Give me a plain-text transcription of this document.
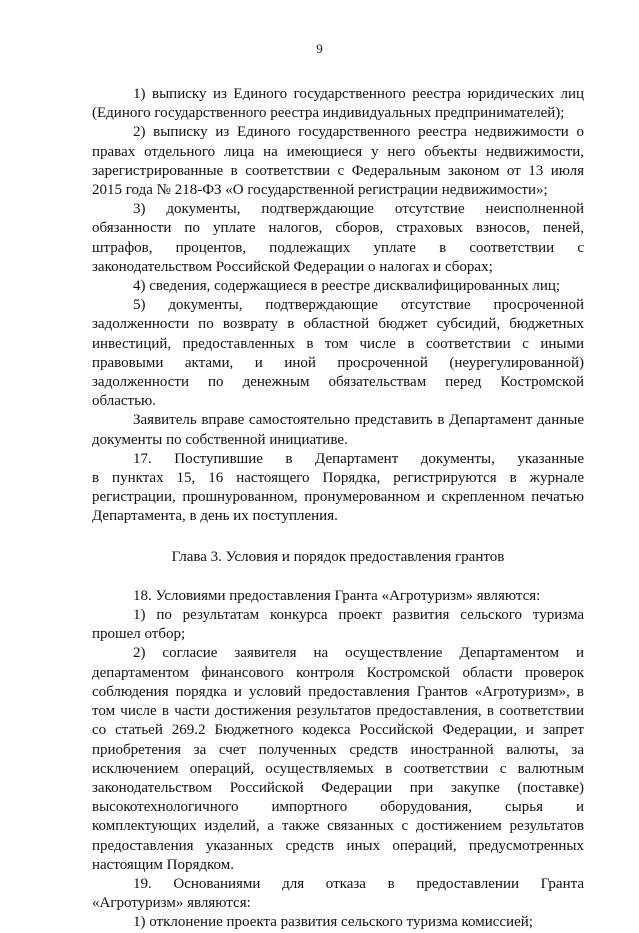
9
1) выписку из Единого государственного реестра юридических лиц
(Единого государственного реестра индивидуальных предпринимателей);
2) выписку из Единого государственного реестра недвижимости о
правах отдельного лица на имеющиеся у него объекты недвижимости,
зарегистрированные в соответствии с Федеральным законом от 13 июля
2015 года № 218-ФЗ «О государственной регистрации недвижимости»;
3) документы, подтверждающие отсутствие неисполненной
обязанности по уплате налогов, сборов, страховых взносов, пеней,
штрафов, процентов, подлежащих уплате в соответствии с
законодательством Российской Федерации о налогах и сборах;
4) сведения, содержащиеся в реестре дисквалифицированных лиц;
5) документы, подтверждающие отсутствие просроченной
задолженности по возврату в областной бюджет субсидий, бюджетных
инвестиций, предоставленных в том числе в соответствии с иными
правовыми актами, и иной просроченной (неурегулированной)
задолженности по денежным обязательствам перед Костромской
областью.
Заявитель вправе самостоятельно представить в Департамент данные
документы по собственной инициативе.
17. Поступившие в Департамент документы, указанные
в пунктах 15, 16 настоящего Порядка, регистрируются в журнале
регистрации, прошнурованном, пронумерованном и скрепленном печатью
Департамента, в день их поступления.
Глава 3. Условия и порядок предоставления грантов
18. Условиями предоставления Гранта «Агротуризм» являются:
1) по результатам конкурса проект развития сельского туризма
прошел отбор;
2) согласие заявителя на осуществление Департаментом и
департаментом финансового контроля Костромской области проверок
соблюдения порядка и условий предоставления Грантов «Агротуризм», в
том числе в части достижения результатов предоставления, в соответствии
со статьей 269.2 Бюджетного кодекса Российской Федерации, и запрет
приобретения за счет полученных средств иностранной валюты, за
исключением операций, осуществляемых в соответствии с валютным
законодательством Российской Федерации при закупке (поставке)
высокотехнологичного импортного оборудования, сырья и
комплектующих изделий, а также связанных с достижением результатов
предоставления указанных средств иных операций, предусмотренных
настоящим Порядком.
19. Основаниями для отказа в предоставлении Гранта
«Агротуризм» являются:
1) отклонение проекта развития сельского туризма комиссией;
